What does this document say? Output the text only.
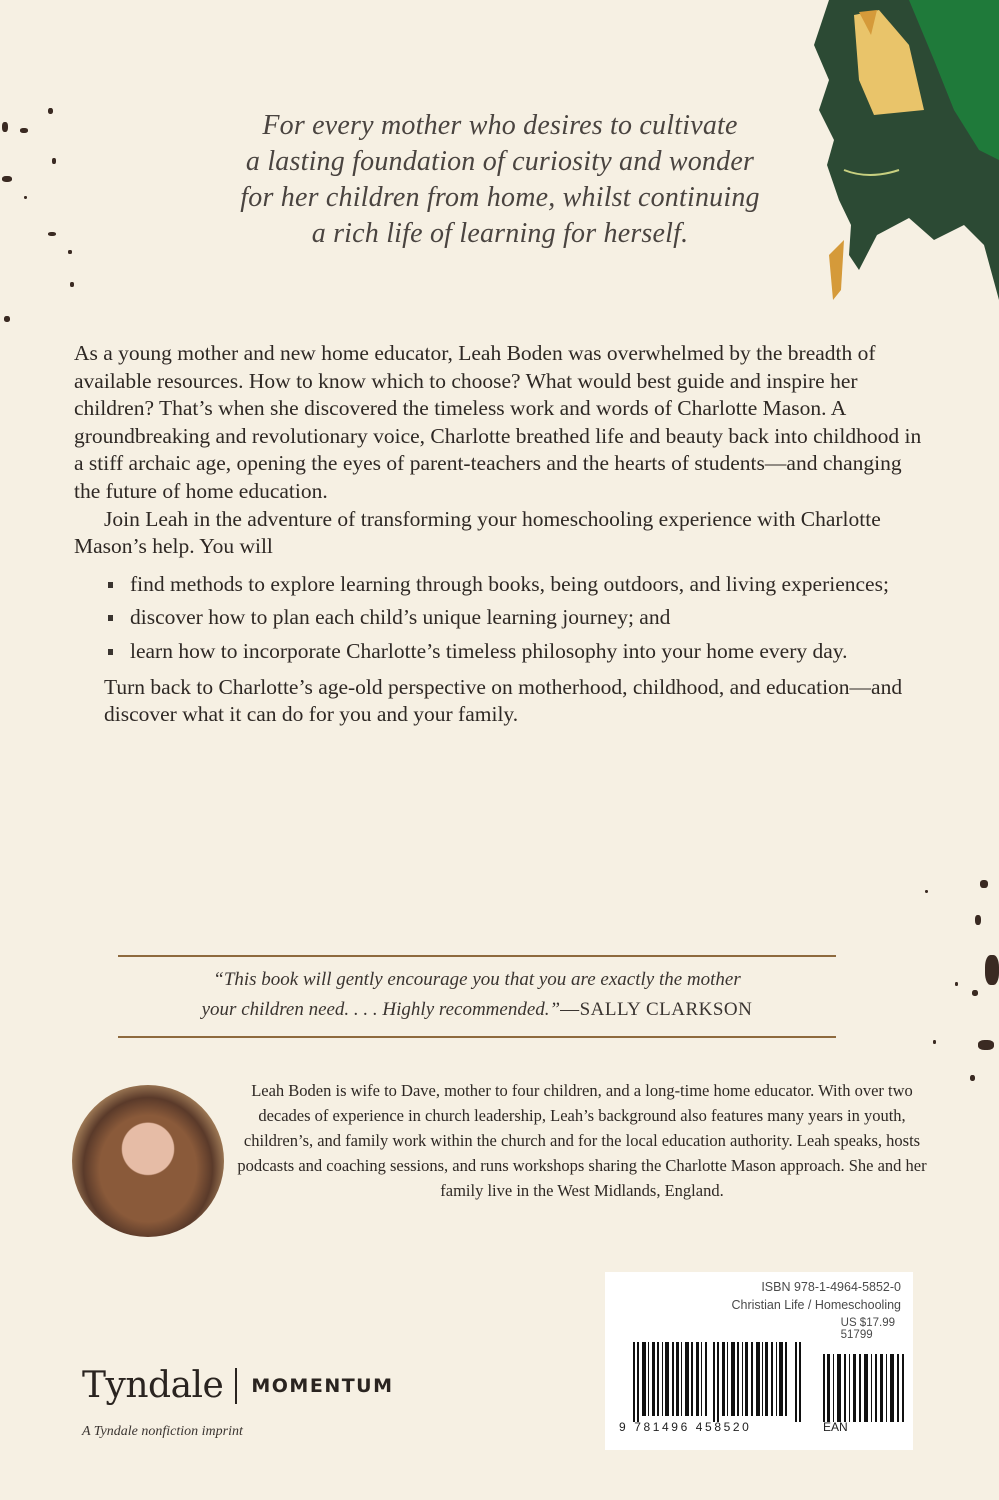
For every mother who desires to cultivate
a lasting foundation of curiosity and wonder
for her children from home, whilst continuing
a rich life of learning for herself.

As a young mother and new home educator, Leah Boden was overwhelmed by the breadth of available resources. How to know which to choose? What would best guide and inspire her children? That’s when she discovered the timeless work and words of Charlotte Mason. A groundbreaking and revolutionary voice, Charlotte breathed life and beauty back into childhood in a stiff archaic age, opening the eyes of parent-teachers and the hearts of students—and changing the future of home education.

Join Leah in the adventure of transforming your homeschooling experience with Charlotte Mason’s help. You will

find methods to explore learning through books, being outdoors, and living experiences;
discover how to plan each child’s unique learning journey; and
learn how to incorporate Charlotte’s timeless philosophy into your home every day.

Turn back to Charlotte’s age-old perspective on motherhood, childhood, and education—and discover what it can do for you and your family.

“This book will gently encourage you that you are exactly the mother
your children need. . . . Highly recommended.”—SALLY CLARKSON
Leah Boden is wife to Dave, mother to four children, and a long-time home educator. With over two decades of experience in church leadership, Leah’s background also features many years in youth, children’s, and family work within the church and for the local education authority. Leah speaks, hosts podcasts and coaching sessions, and runs workshops sharing the Charlotte Mason approach. She and her family live in the West Midlands, England.
ISBN 978-1-4964-5852-0
Christian Life / Homeschooling
US $17.99
51799
9 781496 458520	EAN
Tyndale MOMENTUM
A Tyndale nonfiction imprint
